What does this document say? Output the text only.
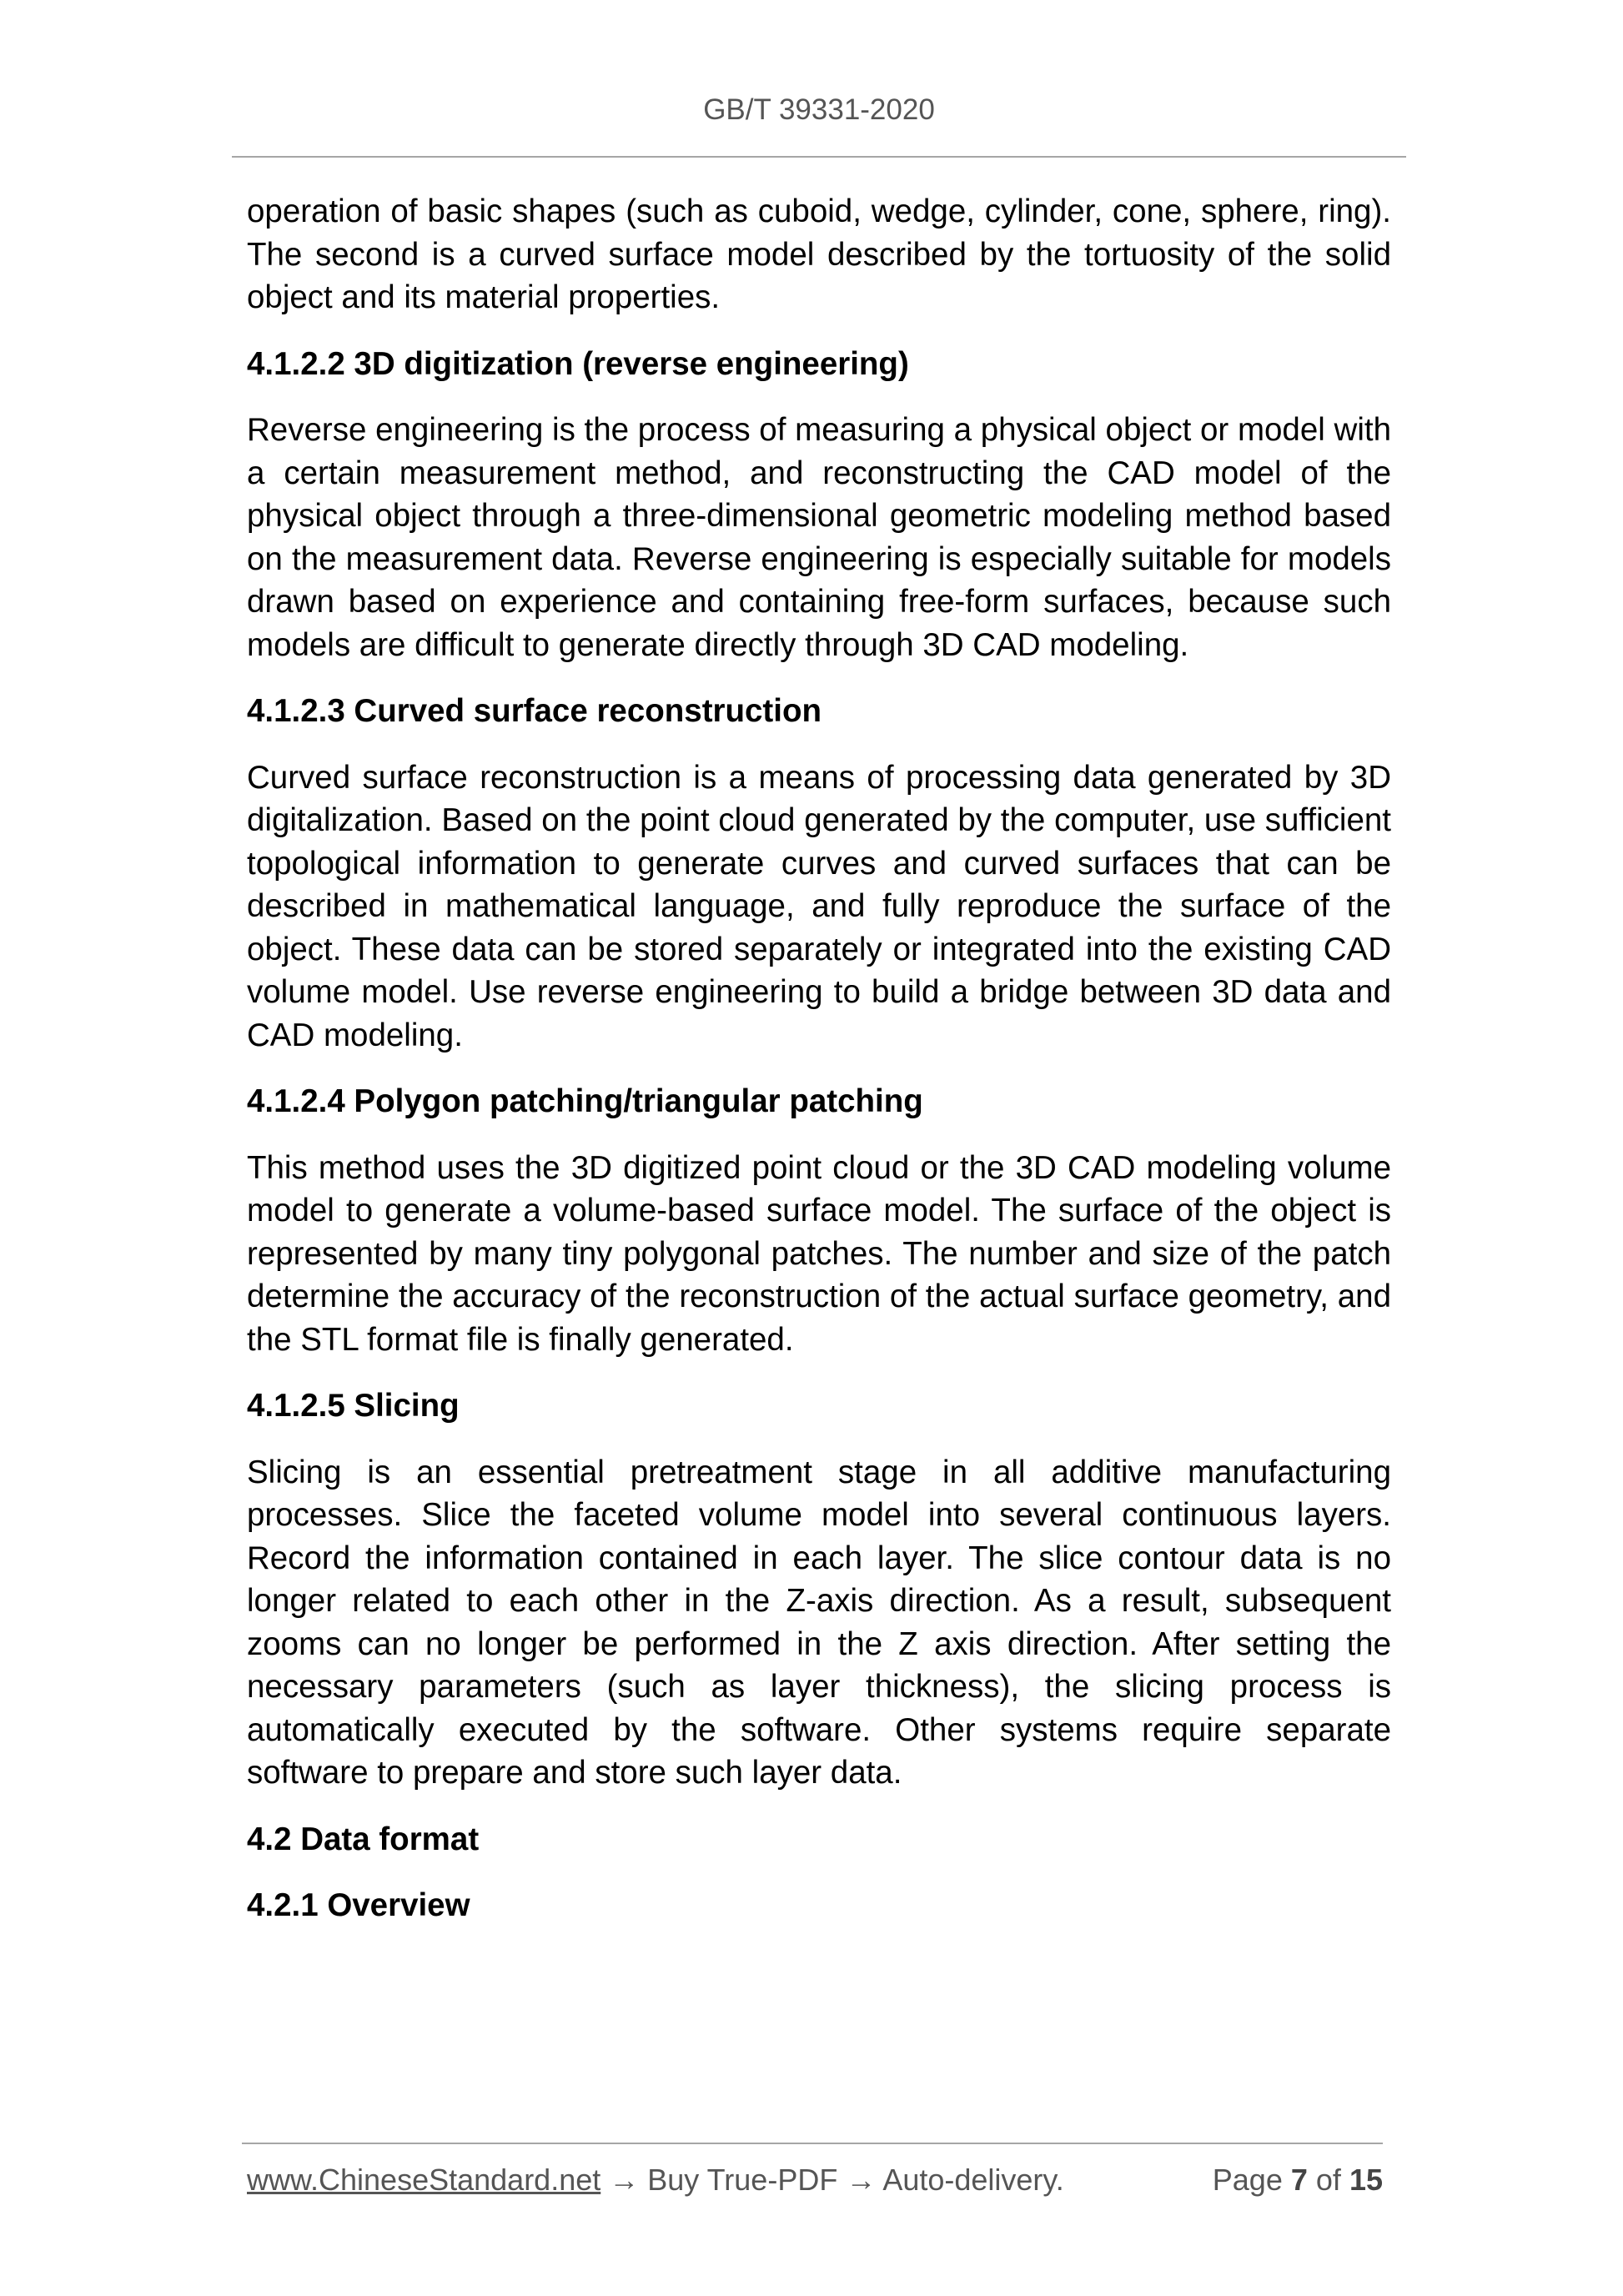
GB/T 39331-2020

operation of basic shapes (such as cuboid, wedge, cylinder, cone, sphere, ring). The second is a curved surface model described by the tortuosity of the solid object and its material properties.

4.1.2.2 3D digitization (reverse engineering)

Reverse engineering is the process of measuring a physical object or model with a certain measurement method, and reconstructing the CAD model of the physical object through a three-dimensional geometric modeling method based on the measurement data. Reverse engineering is especially suitable for models drawn based on experience and containing free-form surfaces, because such models are difficult to generate directly through 3D CAD modeling.

4.1.2.3 Curved surface reconstruction

Curved surface reconstruction is a means of processing data generated by 3D digitalization. Based on the point cloud generated by the computer, use sufficient topological information to generate curves and curved surfaces that can be described in mathematical language, and fully reproduce the surface of the object. These data can be stored separately or integrated into the existing CAD volume model. Use reverse engineering to build a bridge between 3D data and CAD modeling.

4.1.2.4 Polygon patching/triangular patching

This method uses the 3D digitized point cloud or the 3D CAD modeling volume model to generate a volume-based surface model. The surface of the object is represented by many tiny polygonal patches. The number and size of the patch determine the accuracy of the reconstruction of the actual surface geometry, and the STL format file is finally generated.

4.1.2.5 Slicing

Slicing is an essential pretreatment stage in all additive manufacturing processes. Slice the faceted volume model into several continuous layers. Record the information contained in each layer. The slice contour data is no longer related to each other in the Z-axis direction. As a result, subsequent zooms can no longer be performed in the Z axis direction. After setting the necessary parameters (such as layer thickness), the slicing process is automatically executed by the software. Other systems require separate software to prepare and store such layer data.

4.2 Data format
4.2.1 Overview
www.ChineseStandard.net → Buy True-PDF → Auto-delivery.	Page 7 of 15
